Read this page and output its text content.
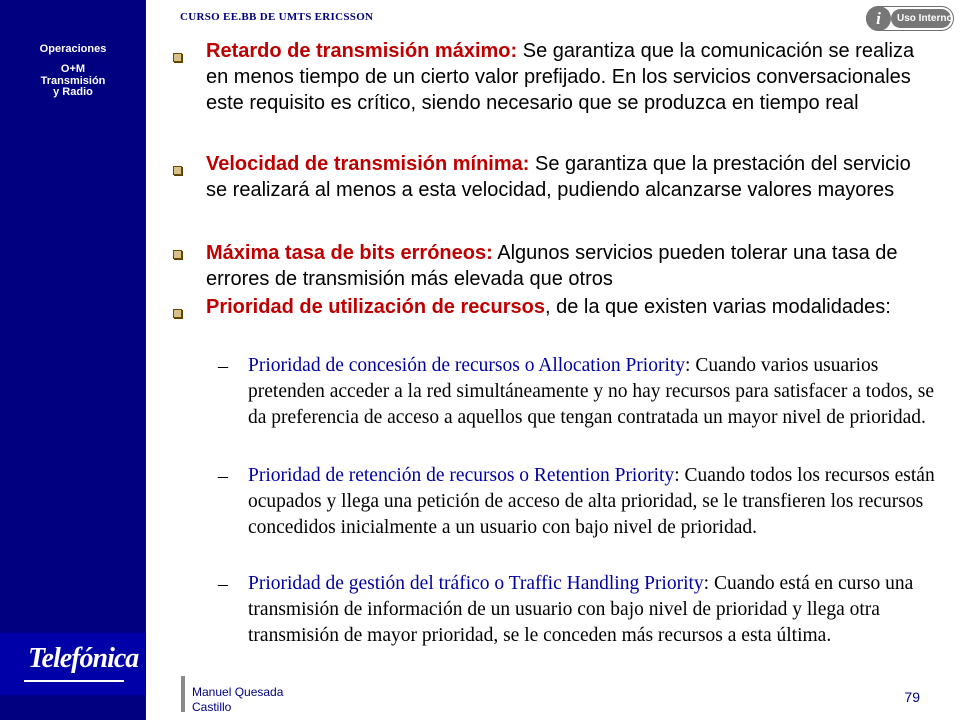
Operaciones
O+M
Transmisión
y Radio
Telefónica
CURSO EE.BB DE UMTS ERICSSON	Uso Interno
i

Retardo de transmisión máximo: Se garantiza que la comunicación se realiza en menos tiempo de un cierto valor prefijado. En los servicios conversacionales este requisito es crítico, siendo necesario que se produzca en tiempo real

Velocidad de transmisión mínima: Se garantiza que la prestación del servicio se realizará al menos a esta velocidad, pudiendo alcanzarse valores mayores

Máxima tasa de bits erróneos: Algunos servicios pueden tolerar una tasa de errores de transmisión más elevada que otros

Prioridad de utilización de recursos, de la que existen varias modalidades:

– Prioridad de concesión de recursos o Allocation Priority: Cuando varios usuarios pretenden acceder a la red simultáneamente y no hay recursos para satisfacer a todos, se da preferencia de acceso a aquellos que tengan contratada un mayor nivel de prioridad.

– Prioridad de retención de recursos o Retention Priority: Cuando todos los recursos están ocupados y llega una petición de acceso de alta prioridad, se le transfieren los recursos concedidos inicialmente a un usuario con bajo nivel de prioridad.

– Prioridad de gestión del tráfico o Traffic Handling Priority: Cuando está en curso una transmisión de información de un usuario con bajo nivel de prioridad y llega otra transmisión de mayor prioridad, se le conceden más recursos a esta última.

Manuel Quesada
Castillo
79
